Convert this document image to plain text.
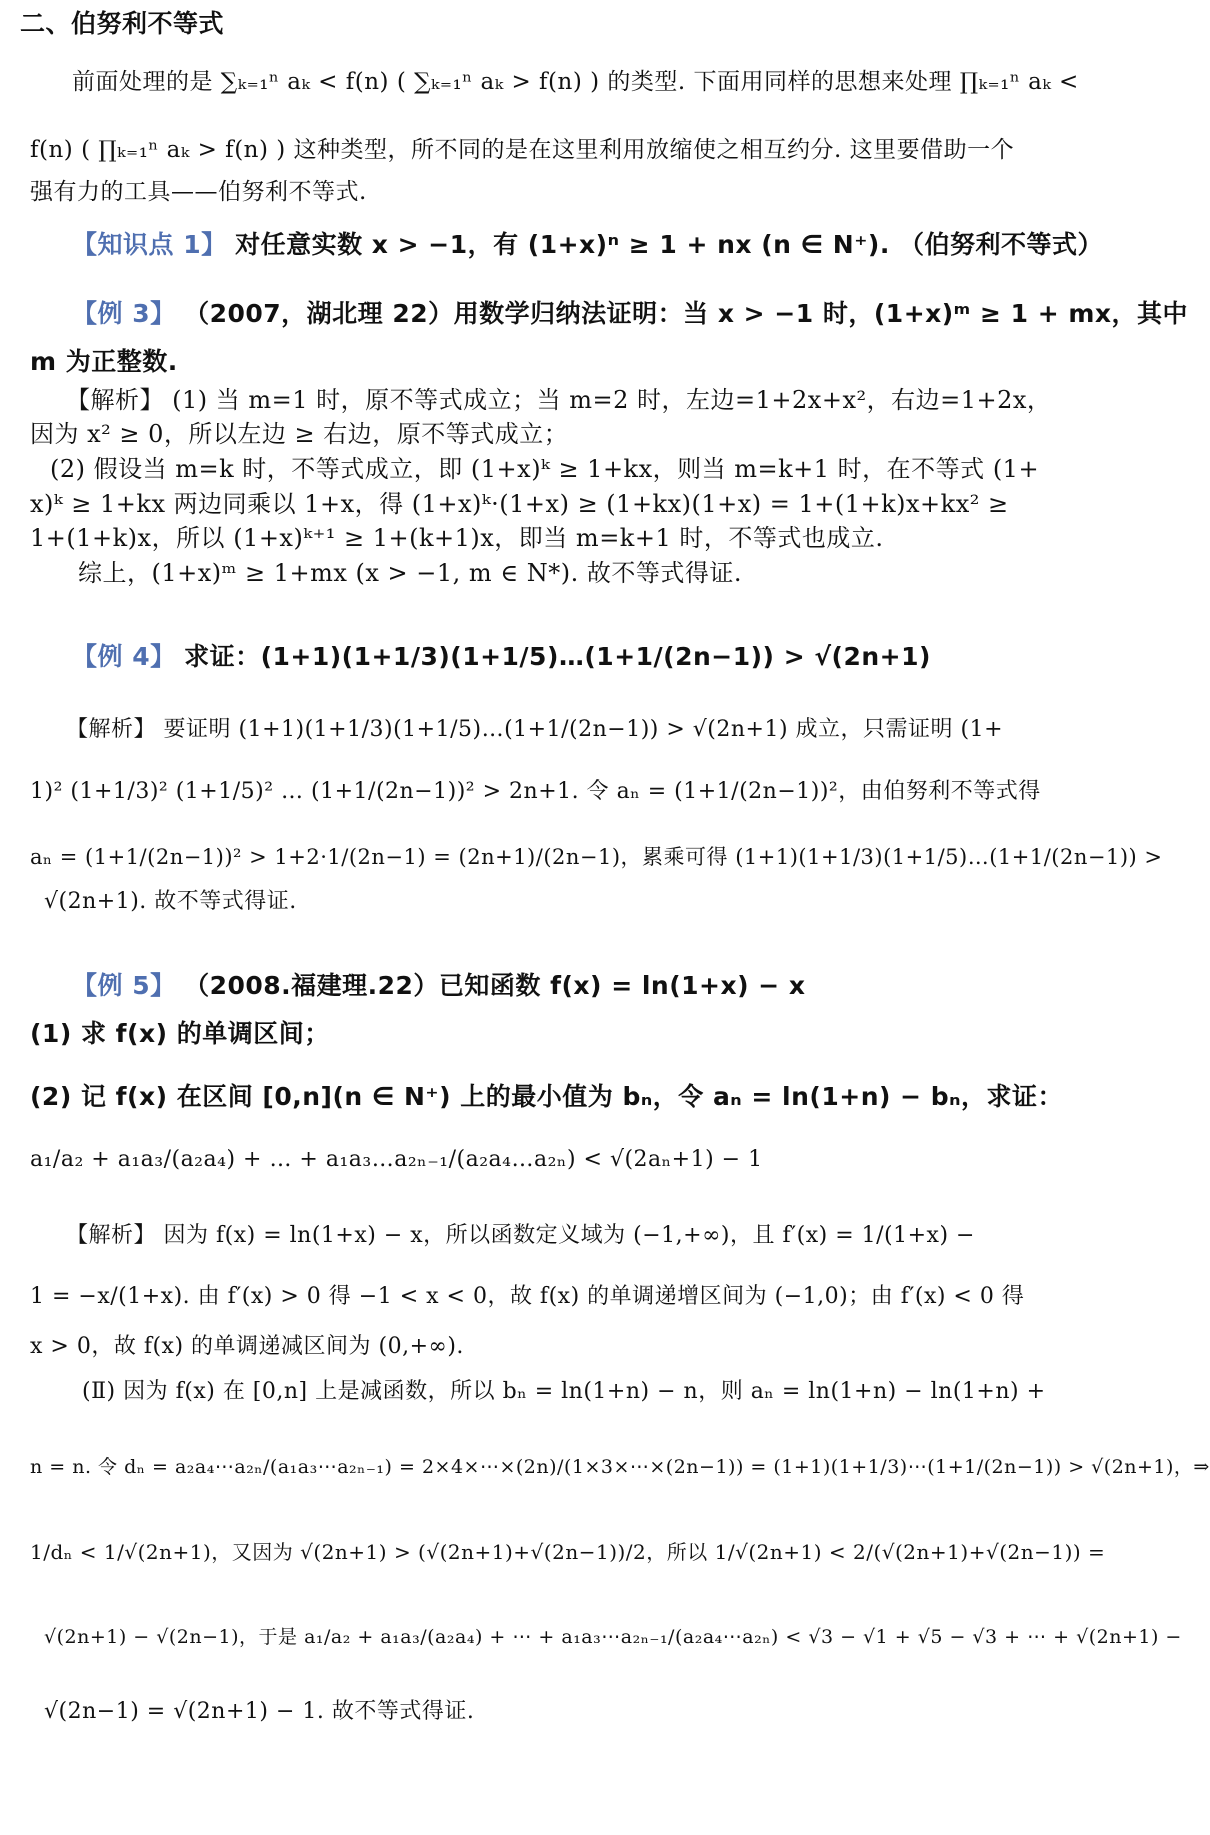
二、伯努利不等式
前面处理的是 ∑ₖ₌₁ⁿ aₖ < f(n) ( ∑ₖ₌₁ⁿ aₖ > f(n) ) 的类型. 下面用同样的思想来处理 ∏ₖ₌₁ⁿ aₖ <
f(n) ( ∏ₖ₌₁ⁿ aₖ > f(n) ) 这种类型，所不同的是在这里利用放缩使之相互约分. 这里要借助一个
强有力的工具——伯努利不等式.
【知识点 1】 对任意实数 x > −1，有 (1+x)ⁿ ≥ 1 + nx (n ∈ N⁺). （伯努利不等式）
【例 3】 （2007，湖北理 22）用数学归纳法证明：当 x > −1 时，(1+x)ᵐ ≥ 1 + mx，其中
m 为正整数.
【解析】 (1) 当 m=1 时，原不等式成立；当 m=2 时，左边=1+2x+x²，右边=1+2x，
因为 x² ≥ 0，所以左边 ≥ 右边，原不等式成立；
(2) 假设当 m=k 时，不等式成立，即 (1+x)ᵏ ≥ 1+kx，则当 m=k+1 时，在不等式 (1+
x)ᵏ ≥ 1+kx 两边同乘以 1+x，得 (1+x)ᵏ·(1+x) ≥ (1+kx)(1+x) = 1+(1+k)x+kx² ≥
1+(1+k)x，所以 (1+x)ᵏ⁺¹ ≥ 1+(k+1)x，即当 m=k+1 时，不等式也成立.
综上，(1+x)ᵐ ≥ 1+mx (x > −1, m ∈ N*). 故不等式得证.
【例 4】 求证：(1+1)(1+1/3)(1+1/5)…(1+1/(2n−1)) > √(2n+1)
【解析】 要证明 (1+1)(1+1/3)(1+1/5)…(1+1/(2n−1)) > √(2n+1) 成立，只需证明 (1+
1)² (1+1/3)² (1+1/5)² … (1+1/(2n−1))² > 2n+1. 令 aₙ = (1+1/(2n−1))²，由伯努利不等式得
aₙ = (1+1/(2n−1))² > 1+2·1/(2n−1) = (2n+1)/(2n−1)，累乘可得 (1+1)(1+1/3)(1+1/5)…(1+1/(2n−1)) >
√(2n+1). 故不等式得证.
【例 5】 （2008.福建理.22）已知函数 f(x) = ln(1+x) − x
(1) 求 f(x) 的单调区间；
(2) 记 f(x) 在区间 [0,n](n ∈ N⁺) 上的最小值为 bₙ，令 aₙ = ln(1+n) − bₙ，求证：
a₁/a₂ + a₁a₃/(a₂a₄) + … + a₁a₃…a₂ₙ₋₁/(a₂a₄…a₂ₙ) < √(2aₙ+1) − 1
【解析】 因为 f(x) = ln(1+x) − x，所以函数定义域为 (−1,+∞)，且 f′(x) = 1/(1+x) −
1 = −x/(1+x). 由 f′(x) > 0 得 −1 < x < 0，故 f(x) 的单调递增区间为 (−1,0)；由 f′(x) < 0 得
x > 0，故 f(x) 的单调递减区间为 (0,+∞).
(Ⅱ) 因为 f(x) 在 [0,n] 上是减函数，所以 bₙ = ln(1+n) − n，则 aₙ = ln(1+n) − ln(1+n) +
n = n. 令 dₙ = a₂a₄⋯a₂ₙ/(a₁a₃⋯a₂ₙ₋₁) = 2×4×⋯×(2n)/(1×3×⋯×(2n−1)) = (1+1)(1+1/3)⋯(1+1/(2n−1)) > √(2n+1)，⇒
1/dₙ < 1/√(2n+1)，又因为 √(2n+1) > (√(2n+1)+√(2n−1))/2，所以 1/√(2n+1) < 2/(√(2n+1)+√(2n−1)) =
√(2n+1) − √(2n−1)，于是 a₁/a₂ + a₁a₃/(a₂a₄) + ⋯ + a₁a₃⋯a₂ₙ₋₁/(a₂a₄⋯a₂ₙ) < √3 − √1 + √5 − √3 + ⋯ + √(2n+1) −
√(2n−1) = √(2n+1) − 1. 故不等式得证.
